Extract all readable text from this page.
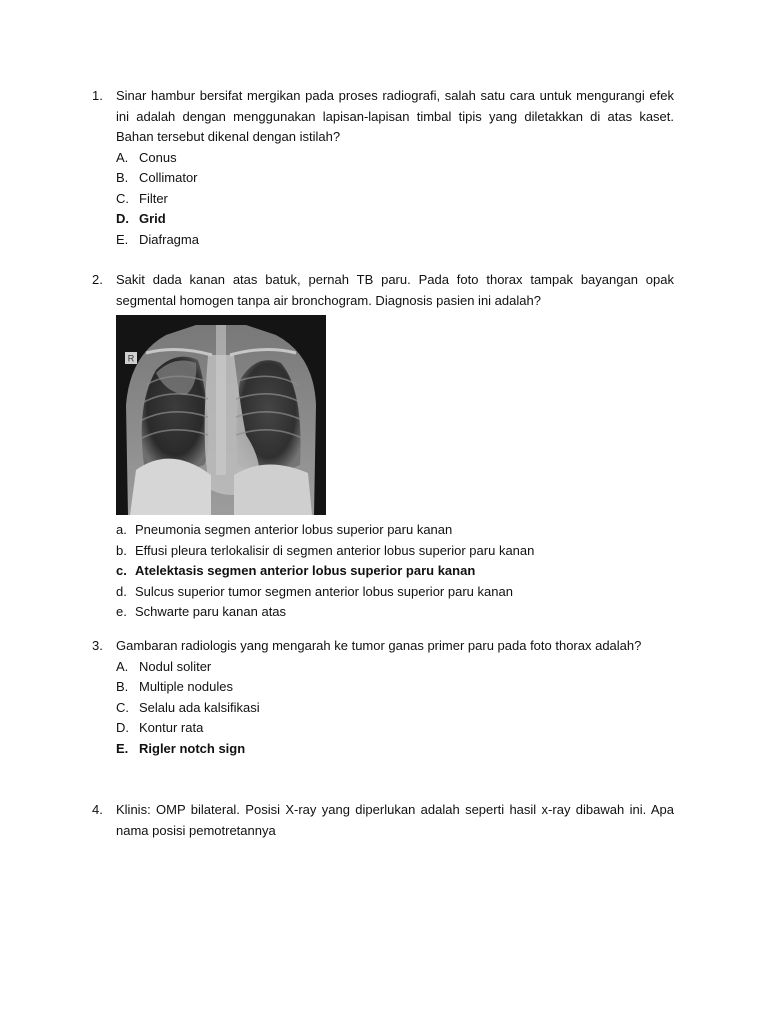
1.	Sinar hambur bersifat mergikan pada proses radiografi, salah satu cara untuk mengurangi efek ini adalah dengan menggunakan lapisan-lapisan timbal tipis yang diletakkan di atas kaset. Bahan tersebut dikenal dengan istilah?
A. Conus
B. Collimator
C. Filter
D. Grid
E. Diafragma
2.	Sakit dada kanan atas batuk, pernah TB paru. Pada foto thorax tampak bayangan opak segmental homogen tanpa air bronchogram. Diagnosis pasien ini adalah?
R
a. Pneumonia segmen anterior lobus superior paru kanan
b. Effusi pleura terlokalisir di segmen anterior lobus superior paru kanan
c. Atelektasis segmen anterior lobus superior paru kanan
d. Sulcus superior tumor segmen anterior lobus superior paru kanan
e. Schwarte paru kanan atas
3.	Gambaran radiologis yang mengarah ke tumor ganas primer paru pada foto thorax adalah?
A. Nodul soliter
B. Multiple nodules
C. Selalu ada kalsifikasi
D. Kontur rata
E. Rigler notch sign
4.	Klinis: OMP bilateral. Posisi X-ray yang diperlukan adalah seperti hasil x-ray dibawah ini. Apa nama posisi pemotretannya
